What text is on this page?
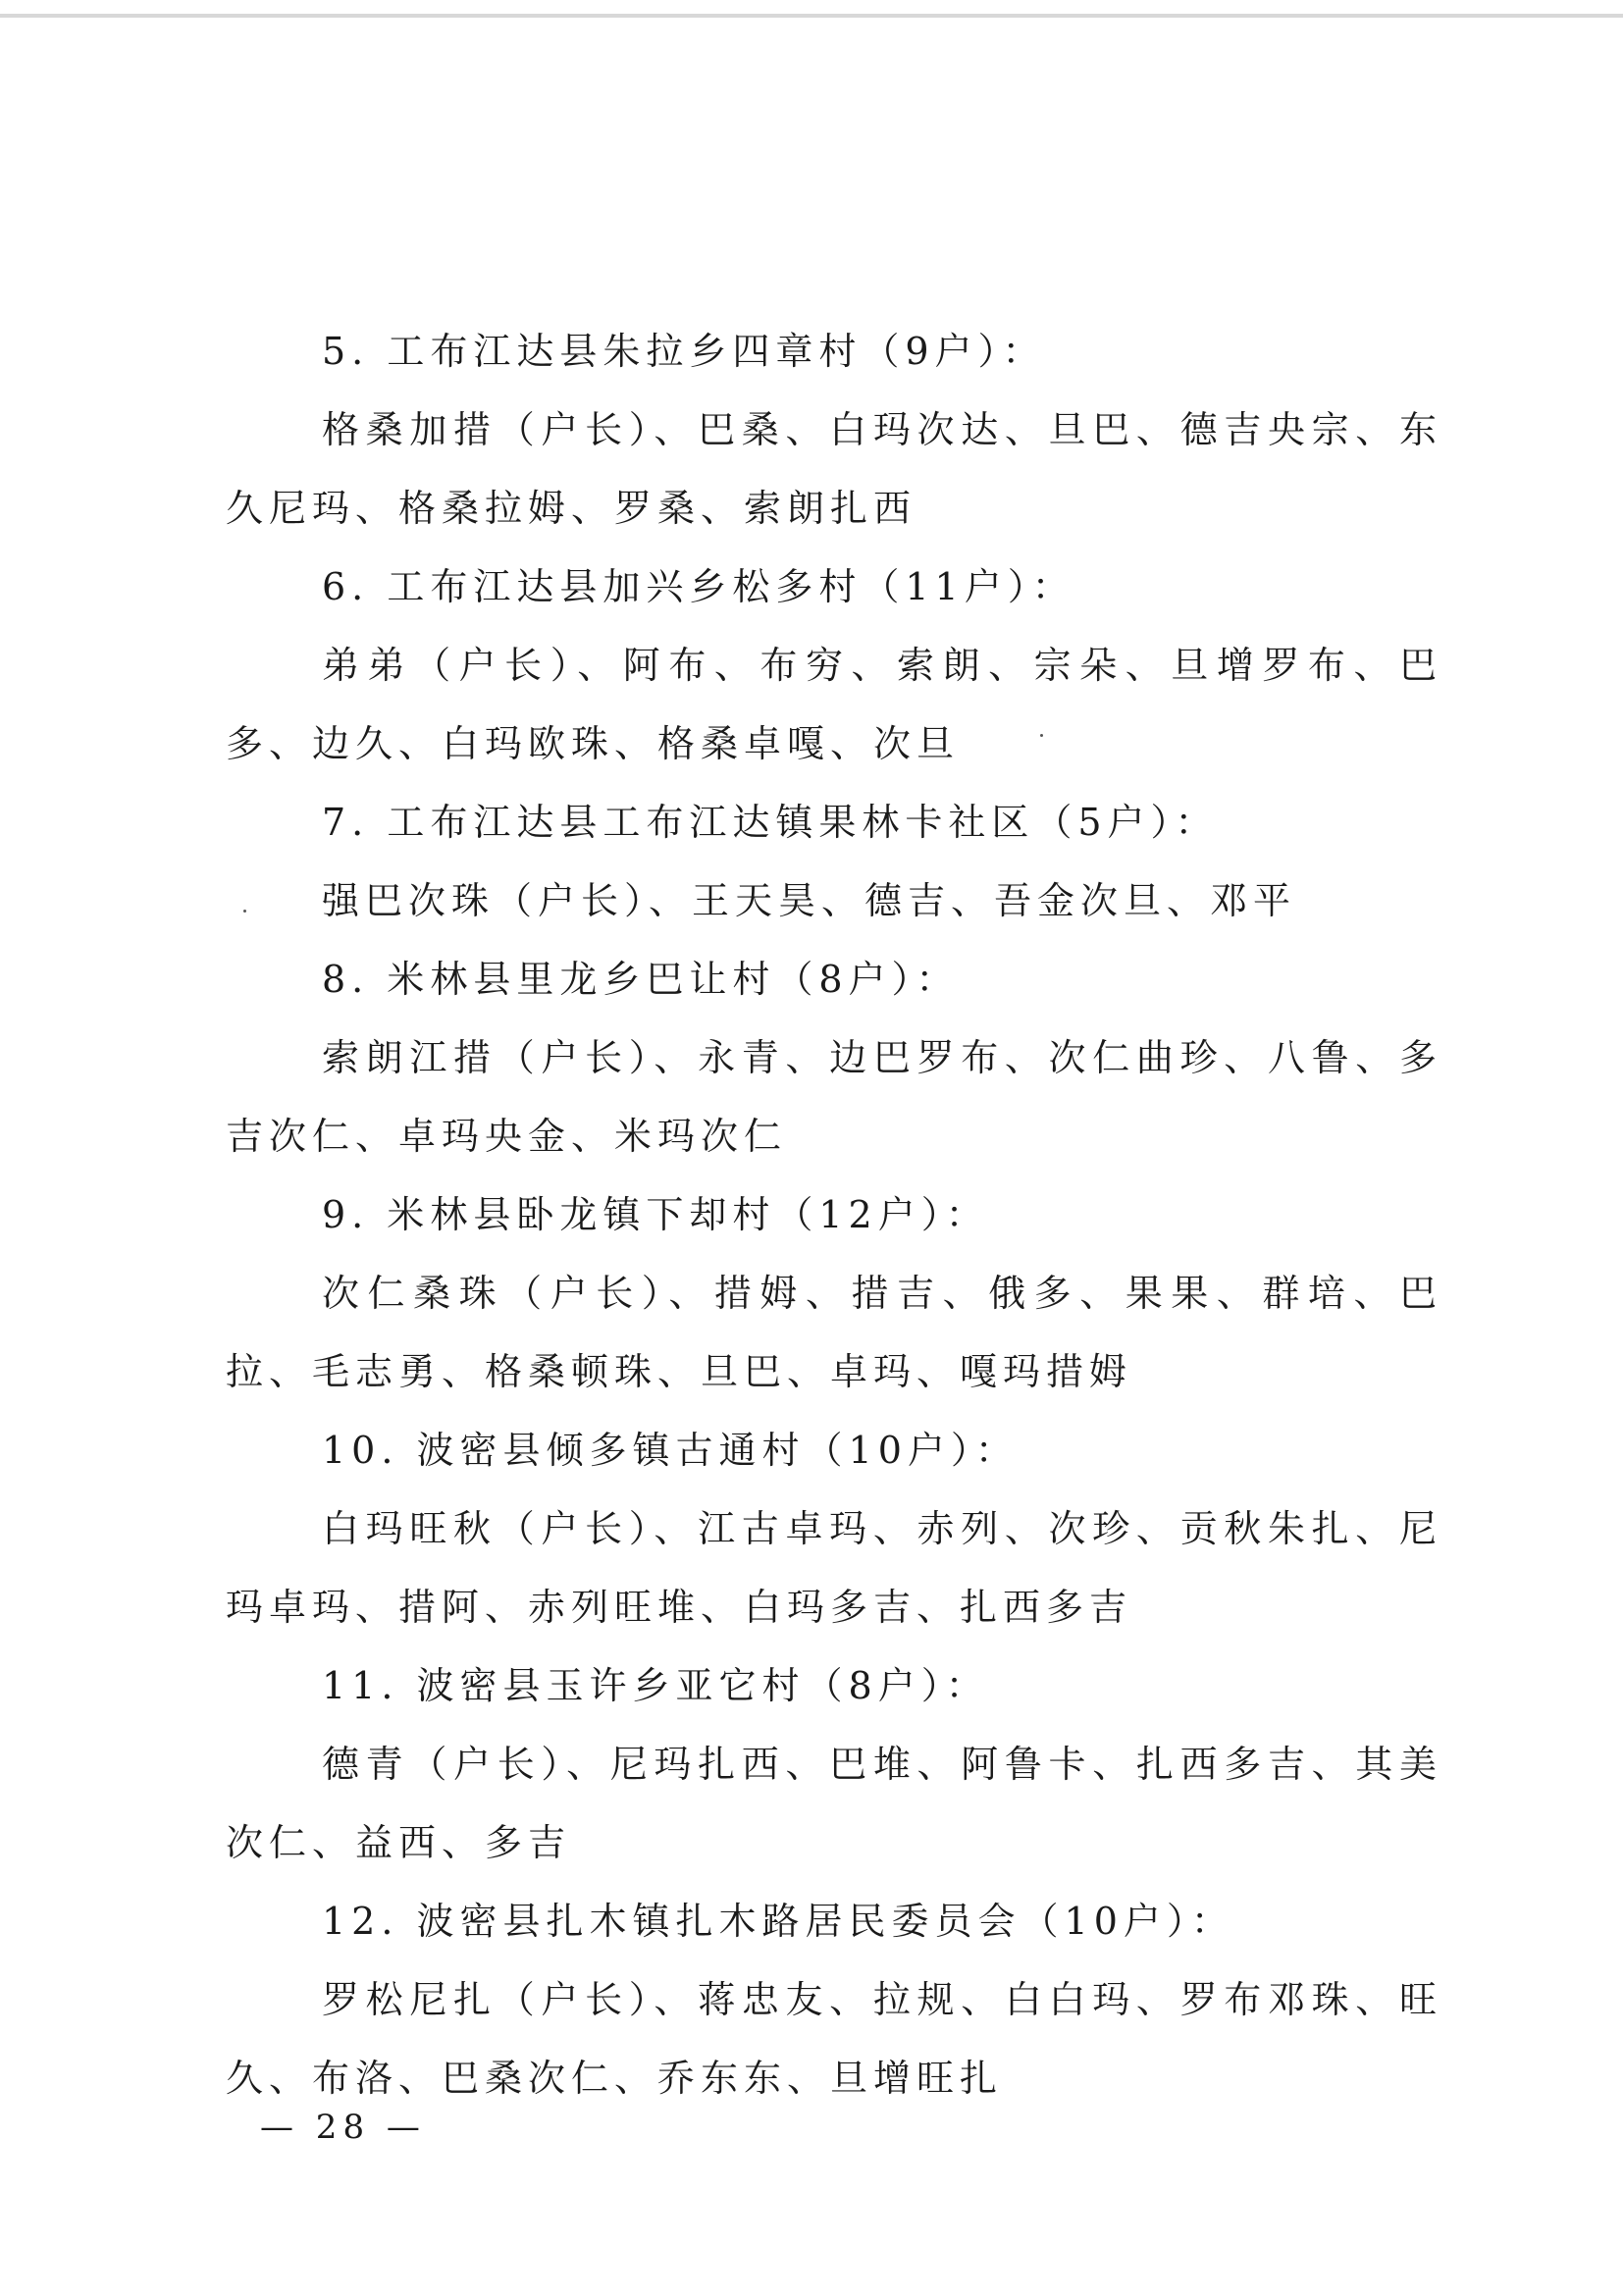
5. 工布江达县朱拉乡四章村（9户）：
格桑加措（户长）、巴桑、白玛次达、旦巴、德吉央宗、东久尼玛、格桑拉姆、罗桑、索朗扎西
6. 工布江达县加兴乡松多村（11户）：
弟弟（户长）、阿布、布穷、索朗、宗朵、旦增罗布、巴多、边久、白玛欧珠、格桑卓嘎、次旦
7. 工布江达县工布江达镇果林卡社区（5户）：
强巴次珠（户长）、王天昊、德吉、吾金次旦、邓平
8. 米林县里龙乡巴让村（8户）：
索朗江措（户长）、永青、边巴罗布、次仁曲珍、八鲁、多吉次仁、卓玛央金、米玛次仁
9. 米林县卧龙镇下却村（12户）：
次仁桑珠（户长）、措姆、措吉、俄多、果果、群培、巴拉、毛志勇、格桑顿珠、旦巴、卓玛、嘎玛措姆
10. 波密县倾多镇古通村（10户）：
白玛旺秋（户长）、江古卓玛、赤列、次珍、贡秋朱扎、尼玛卓玛、措阿、赤列旺堆、白玛多吉、扎西多吉
11. 波密县玉许乡亚它村（8户）：
德青（户长）、尼玛扎西、巴堆、阿鲁卡、扎西多吉、其美次仁、益西、多吉
12. 波密县扎木镇扎木路居民委员会（10户）：
罗松尼扎（户长）、蒋忠友、拉规、白白玛、罗布邓珠、旺久、布洛、巴桑次仁、乔东东、旦增旺扎
— 28 —
